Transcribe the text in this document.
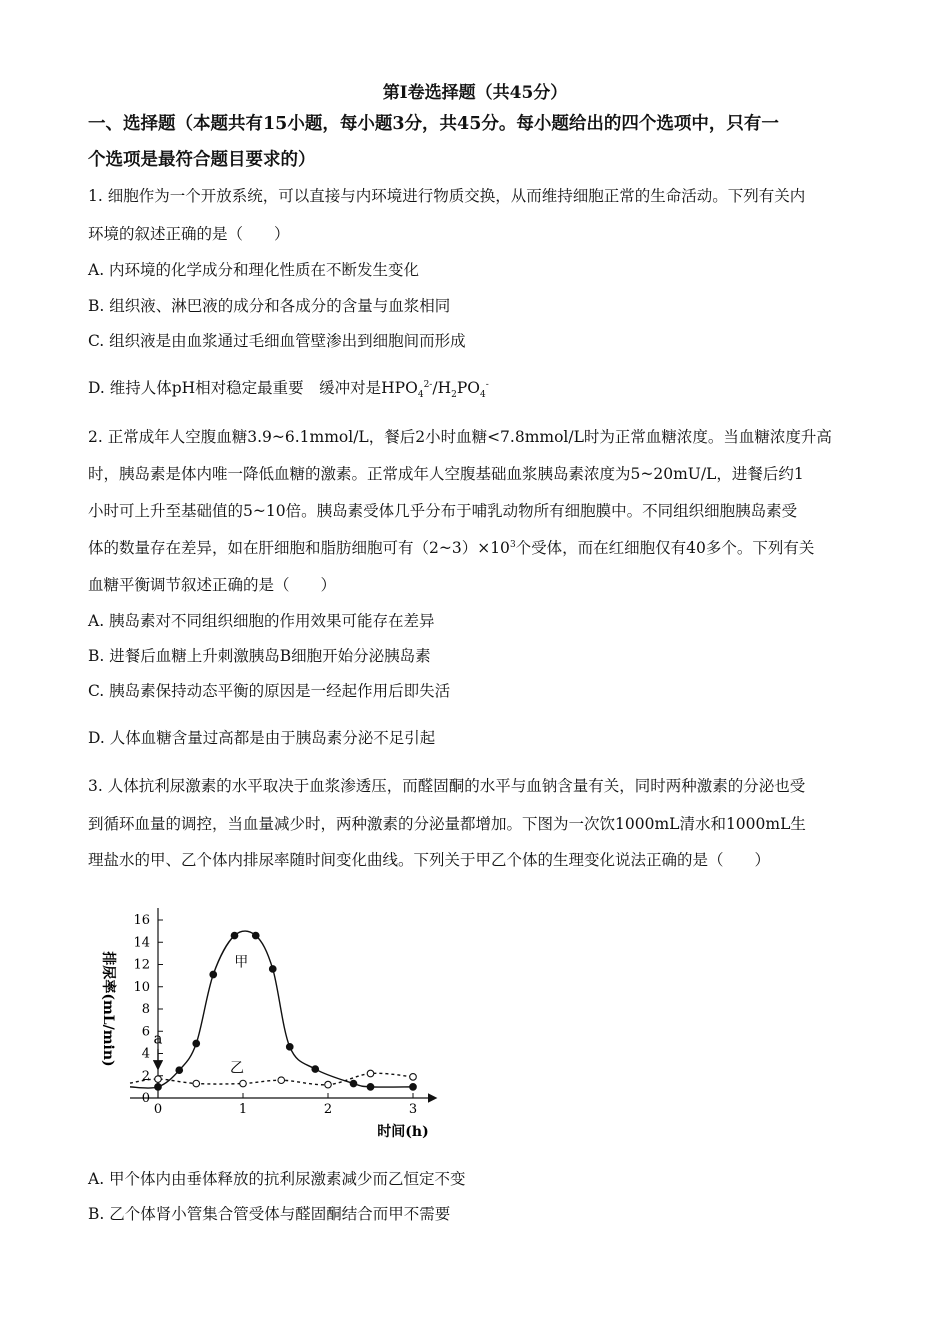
第I卷选择题（共45分）
一、选择题（本题共有15小题，每小题3分，共45分。每小题给出的四个选项中，只有一
个选项是最符合题目要求的）
1. 细胞作为一个开放系统，可以直接与内环境进行物质交换，从而维持细胞正常的生命活动。下列有关内
环境的叙述正确的是（　　）
A. 内环境的化学成分和理化性质在不断发生变化
B. 组织液、淋巴液的成分和各成分的含量与血浆相同
C. 组织液是由血浆通过毛细血管壁渗出到细胞间而形成
D. 维持人体pH相对稳定最重要　缓冲对是$HPO_4^{2-}/H_2PO_4^-$
2. 正常成年人空腹血糖3.9~6.1mmol/L，餐后2小时血糖<7.8mmol/L时为正常血糖浓度。当血糖浓度升高
时，胰岛素是体内唯一降低血糖的激素。正常成年人空腹基础血浆胰岛素浓度为5~20mU/L，进餐后约1
小时可上升至基础值的5~10倍。胰岛素受体几乎分布于哺乳动物所有细胞膜中。不同组织细胞胰岛素受
体的数量存在差异，如在肝细胞和脂肪细胞可有$(2\sim 3)\times 10^3$个受体，而在红细胞仅有40多个。下列有关
血糖平衡调节叙述正确的是（　　）
A. 胰岛素对不同组织细胞的作用效果可能存在差异
B. 进餐后血糖上升刺激胰岛B细胞开始分泌胰岛素
C. 胰岛素保持动态平衡的原因是一经起作用后即失活
D. 人体血糖含量过高都是由于胰岛素分泌不足引起
3. 人体抗利尿激素的水平取决于血浆渗透压，而醛固酮的水平与血钠含量有关，同时两种激素的分泌也受
到循环血量的调控，当血量减少时，两种激素的分泌量都增加。下图为一次饮1000mL清水和1000mL生
理盐水的甲、乙个体内排尿率随时间变化曲线。下列关于甲乙个体的生理变化说法正确的是（　　）
0
2
4
6
8
10
12
14
16
0	1	2	3
时间(h)
排尿率(mL/min)	甲
乙
a
A. 甲个体内由垂体释放的抗利尿激素减少而乙恒定不变
B. 乙个体肾小管集合管受体与醛固酮结合而甲不需要
